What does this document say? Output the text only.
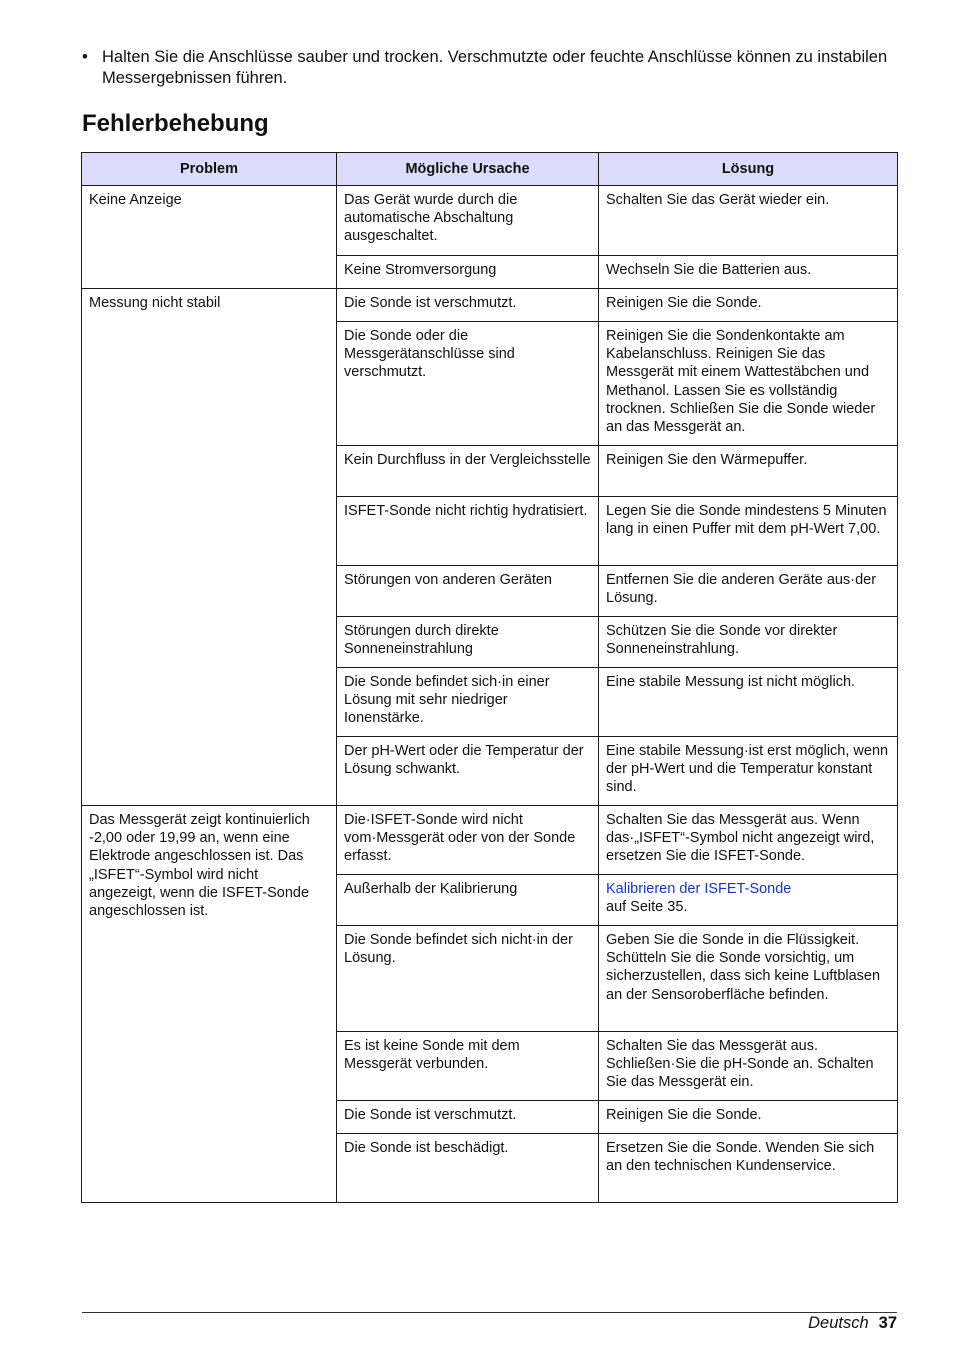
• Halten Sie die Anschlüsse sauber und trocken. Verschmutzte oder feuchte Anschlüsse können zu instabilen Messergebnissen führen.
Fehlerbehebung
Problem	Mögliche Ursache	Lösung
Keine Anzeige	Das Gerät wurde durch die automatische Abschaltung ausgeschaltet.	Schalten Sie das Gerät wieder ein.
	Keine Stromversorgung	Wechseln Sie die Batterien aus.
Messung nicht stabil	Die Sonde ist verschmutzt.	Reinigen Sie die Sonde.
	Die Sonde oder die Messgerätanschlüsse sind verschmutzt.	Reinigen Sie die Sondenkontakte am Kabelanschluss. Reinigen Sie das Messgerät mit einem Wattestäbchen und Methanol. Lassen Sie es vollständig trocknen. Schließen Sie die Sonde wieder an das Messgerät an.
	Kein Durchfluss in der Vergleichsstelle	Reinigen Sie den Wärmepuffer.
	ISFET-Sonde nicht richtig hydratisiert.	Legen Sie die Sonde mindestens 5 Minuten lang in einen Puffer mit dem pH-Wert 7,00.
	Störungen von anderen Geräten	Entfernen Sie die anderen Geräte aus·der Lösung.
	Störungen durch direkte Sonneneinstrahlung	Schützen Sie die Sonde vor direkter Sonneneinstrahlung.
	Die Sonde befindet sich·in einer Lösung mit sehr niedriger Ionenstärke.	Eine stabile Messung ist nicht möglich.
	Der pH-Wert oder die Temperatur der Lösung schwankt.	Eine stabile Messung·ist erst möglich, wenn der pH-Wert und die Temperatur konstant sind.
Das Messgerät zeigt kontinuierlich -2,00 oder 19,99 an, wenn eine Elektrode angeschlossen ist. Das „ISFET“-Symbol wird nicht angezeigt, wenn die ISFET-Sonde angeschlossen ist.	Die·ISFET-Sonde wird nicht vom·Messgerät oder von der Sonde erfasst.	Schalten Sie das Messgerät aus. Wenn das·„ISFET“-Symbol nicht angezeigt wird, ersetzen Sie die ISFET-Sonde.
	Außerhalb der Kalibrierung	Kalibrieren der ISFET-Sonde
auf Seite 35.
	Die Sonde befindet sich nicht·in der Lösung.	Geben Sie die Sonde in die Flüssigkeit. Schütteln Sie die Sonde vorsichtig, um sicherzustellen, dass sich keine Luftblasen an der Sensoroberfläche befinden.
	Es ist keine Sonde mit dem Messgerät verbunden.	Schalten Sie das Messgerät aus. Schließen·Sie die pH-Sonde an. Schalten Sie das Messgerät ein.
	Die Sonde ist verschmutzt.	Reinigen Sie die Sonde.
	Die Sonde ist beschädigt.	Ersetzen Sie die Sonde. Wenden Sie sich an den technischen Kundenservice.
Deutsch 37
